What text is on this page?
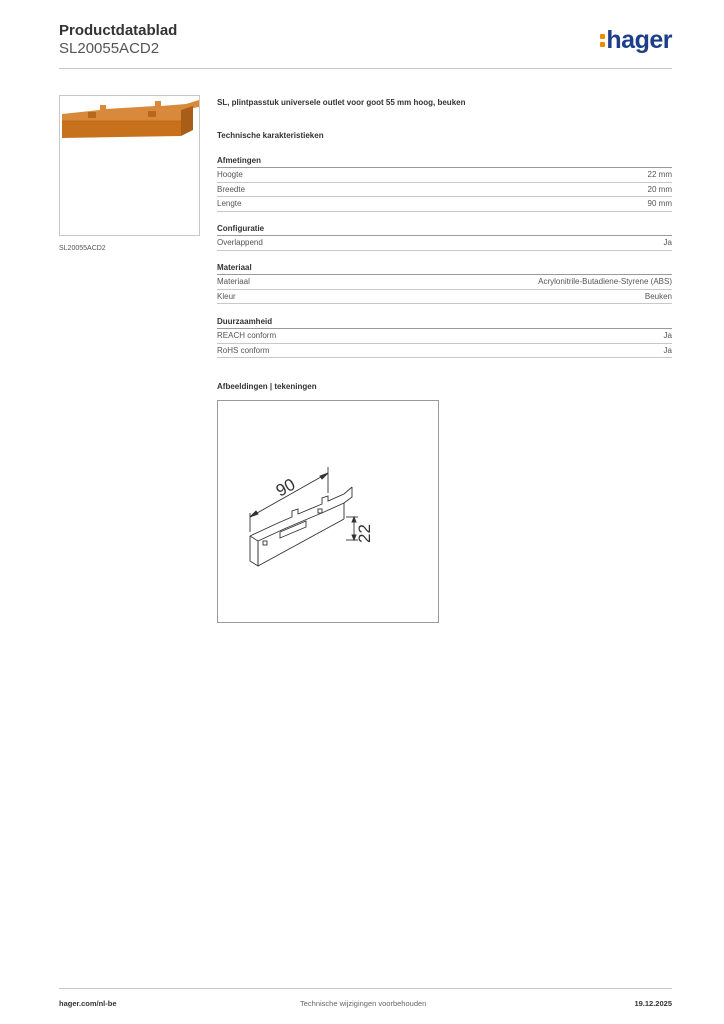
Productdatablad
SL20055ACD2	hager
SL20055ACD2
SL, plintpasstuk universele outlet voor goot 55 mm hoog, beuken
Technische karakteristieken
Afmetingen
Hoogte	22 mm
Breedte	20 mm
Lengte	90 mm
Configuratie
Overlappend	Ja
Materiaal
Materiaal	Acrylonitrile-Butadiene-Styrene (ABS)
Kleur	Beuken
Duurzaamheid
REACH conform	Ja
RoHS conform	Ja
Afbeeldingen | tekeningen
90
22
hager.com/nl-be	Technische wijzigingen voorbehouden	19.12.2025
